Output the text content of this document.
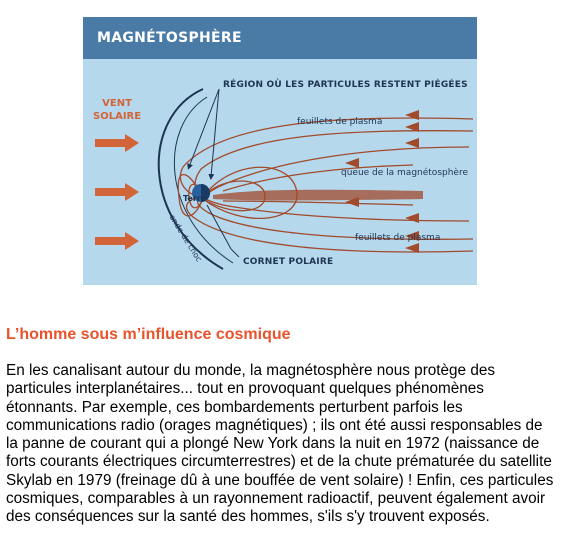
MAGNÉTOSPHÈRE
RÉGION OÙ LES PARTICULES RESTENT PIÉGÉES
VENT
SOLAIRE	feuillets de plasma
queue de la magnétosphère
feuillets de plasma
Terre
onde de choc	CORNET POLAIRE
L’homme sous m’influence cosmique

En les canalisant autour du monde, la magnétosphère nous protège des particules interplanétaires... tout en provoquant quelques phénomènes étonnants. Par exemple, ces bombardements perturbent parfois les communications radio (orages magnétiques) ; ils ont été aussi responsables de la panne de courant qui a plongé New York dans la nuit en 1972 (naissance de forts courants électriques circumterrestres) et de la chute prématurée du satellite Skylab en 1979 (freinage dû à une bouffée de vent solaire) ! Enfin, ces particules cosmiques, comparables à un rayonnement radioactif, peuvent également avoir des conséquences sur la santé des hommes, s'ils s'y trouvent exposés.
